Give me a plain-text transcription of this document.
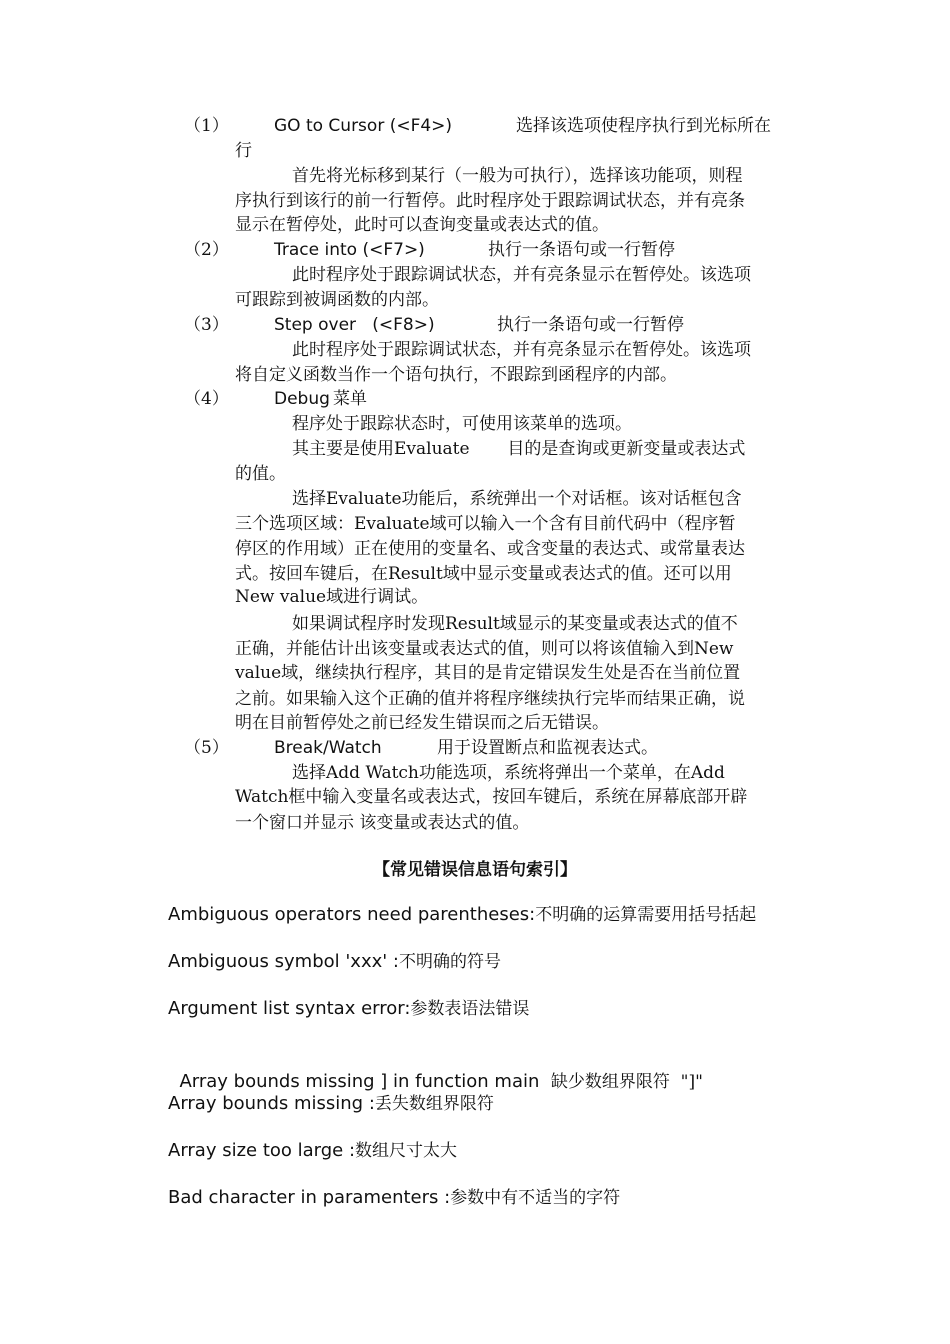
（1）	GO to Cursor (<F4>)	选择该选项使程序执行到光标所在
行
首先将光标移到某行（一般为可执行），选择该功能项，则程
序执行到该行的前一行暂停。此时程序处于跟踪调试状态，并有亮条
显示在暂停处，此时可以查询变量或表达式的值。
（2）	Trace into (<F7>)	执行一条语句或一行暂停
此时程序处于跟踪调试状态，并有亮条显示在暂停处。该选项
可跟踪到被调函数的内部。
（3）	Step over   (<F8>)	执行一条语句或一行暂停
此时程序处于跟踪调试状态，并有亮条显示在暂停处。该选项
将自定义函数当作一个语句执行，不跟踪到函程序的内部。
（4）	Debug 菜单
程序处于跟踪状态时，可使用该菜单的选项。
其主要是使用Evaluate       目的是查询或更新变量或表达式
的值。
选择Evaluate功能后，系统弹出一个对话框。该对话框包含
三个选项区域：Evaluate域可以输入一个含有目前代码中（程序暂
停区的作用域）正在使用的变量名、或含变量的表达式、或常量表达
式。按回车键后，在Result域中显示变量或表达式的值。还可以用
New value域进行调试。
如果调试程序时发现Result域显示的某变量或表达式的值不
正确，并能估计出该变量或表达式的值，则可以将该值输入到New
value域，继续执行程序，其目的是肯定错误发生处是否在当前位置
之前。如果输入这个正确的值并将程序继续执行完毕而结果正确，说
明在目前暂停处之前已经发生错误而之后无错误。
（5）	Break/Watch	用于设置断点和监视表达式。
选择Add Watch功能选项，系统将弹出一个菜单，在Add
Watch框中输入变量名或表达式，按回车键后，系统在屏幕底部开辟
一个窗口并显示 该变量或表达式的值。
【常见错误信息语句索引】
Ambiguous operators need parentheses:不明确的运算需要用括号括起
Ambiguous symbol 'xxx' :不明确的符号
Argument list syntax error:参数表语法错误

Array bounds missing ] in function main  缺少数组界限符  "]"

Array bounds missing :丢失数组界限符
Array size too large :数组尺寸太大
Bad character in paramenters :参数中有不适当的字符
